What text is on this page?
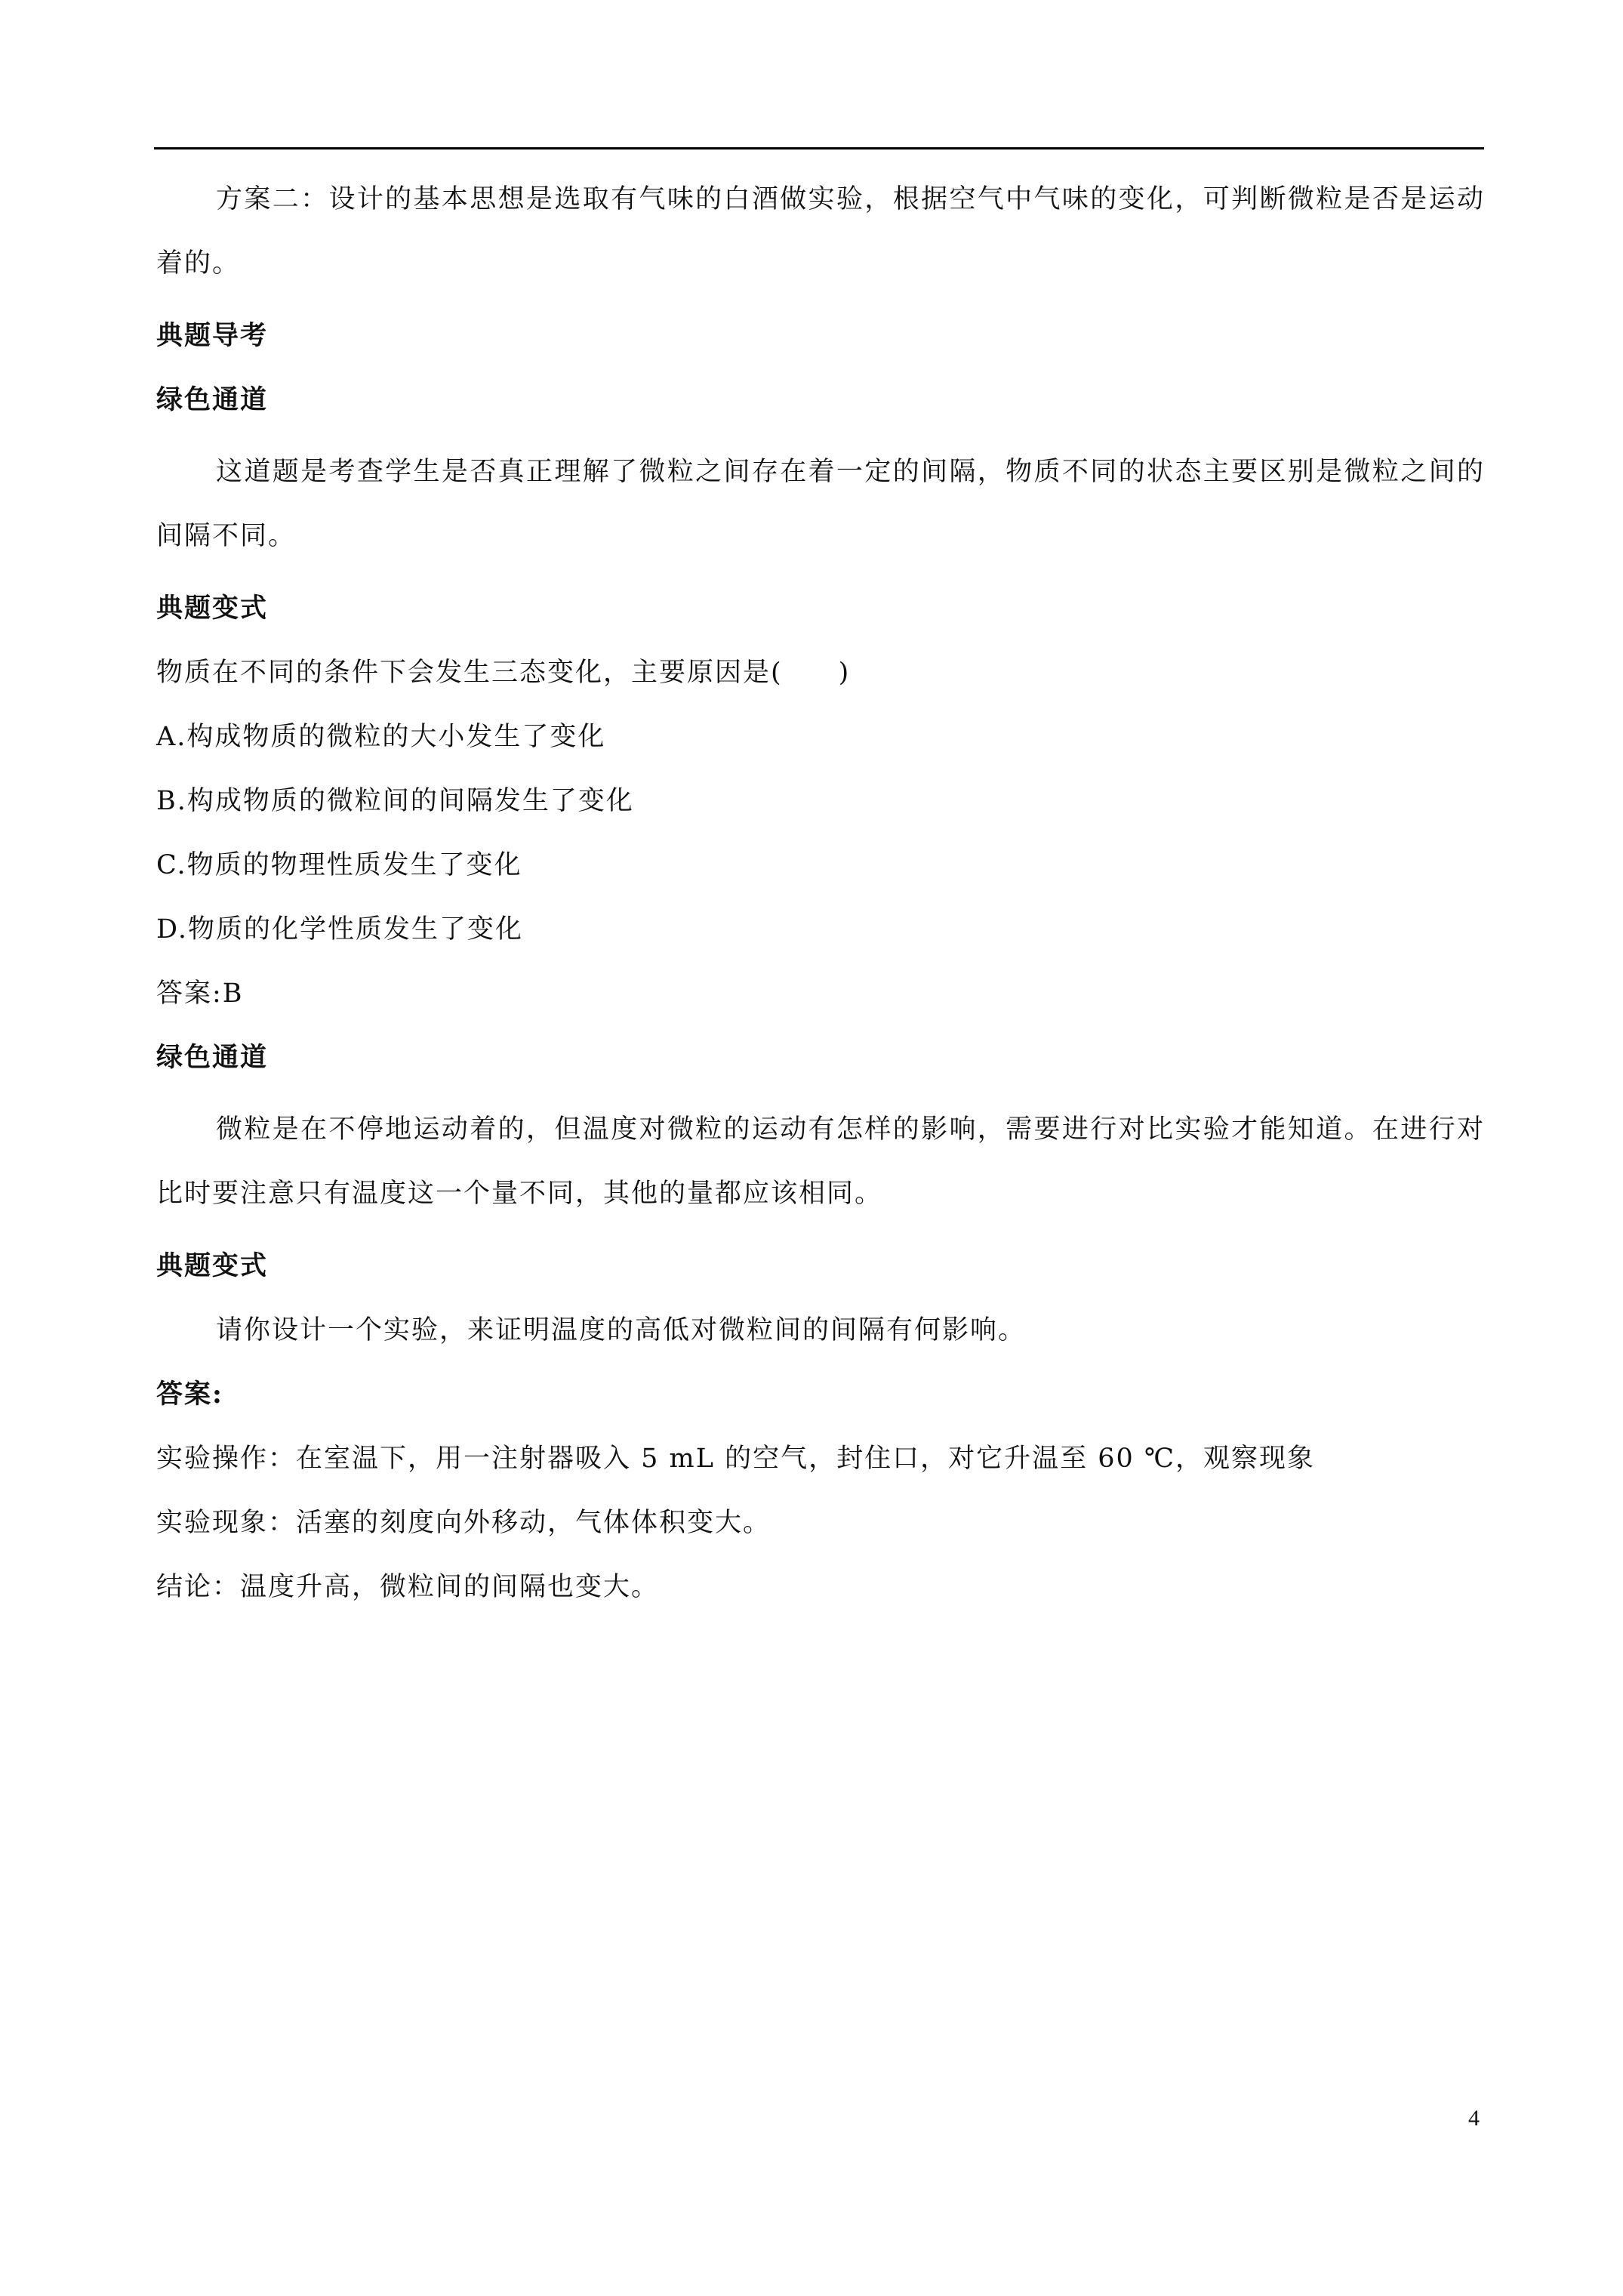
方案二：设计的基本思想是选取有气味的白酒做实验，根据空气中气味的变化，可判断微粒是否是运动着的。

典题导考

绿色通道

这道题是考查学生是否真正理解了微粒之间存在着一定的间隔，物质不同的状态主要区别是微粒之间的间隔不同。

典题变式

物质在不同的条件下会发生三态变化，主要原因是(　　)

A.构成物质的微粒的大小发生了变化

B.构成物质的微粒间的间隔发生了变化

C.物质的物理性质发生了变化

D.物质的化学性质发生了变化

答案:B

绿色通道

微粒是在不停地运动着的，但温度对微粒的运动有怎样的影响，需要进行对比实验才能知道。在进行对比时要注意只有温度这一个量不同，其他的量都应该相同。

典题变式

请你设计一个实验，来证明温度的高低对微粒间的间隔有何影响。

答案:

实验操作：在室温下，用一注射器吸入 5 mL 的空气，封住口，对它升温至 60 ℃，观察现象

实验现象：活塞的刻度向外移动，气体体积变大。

结论：温度升高，微粒间的间隔也变大。

4
